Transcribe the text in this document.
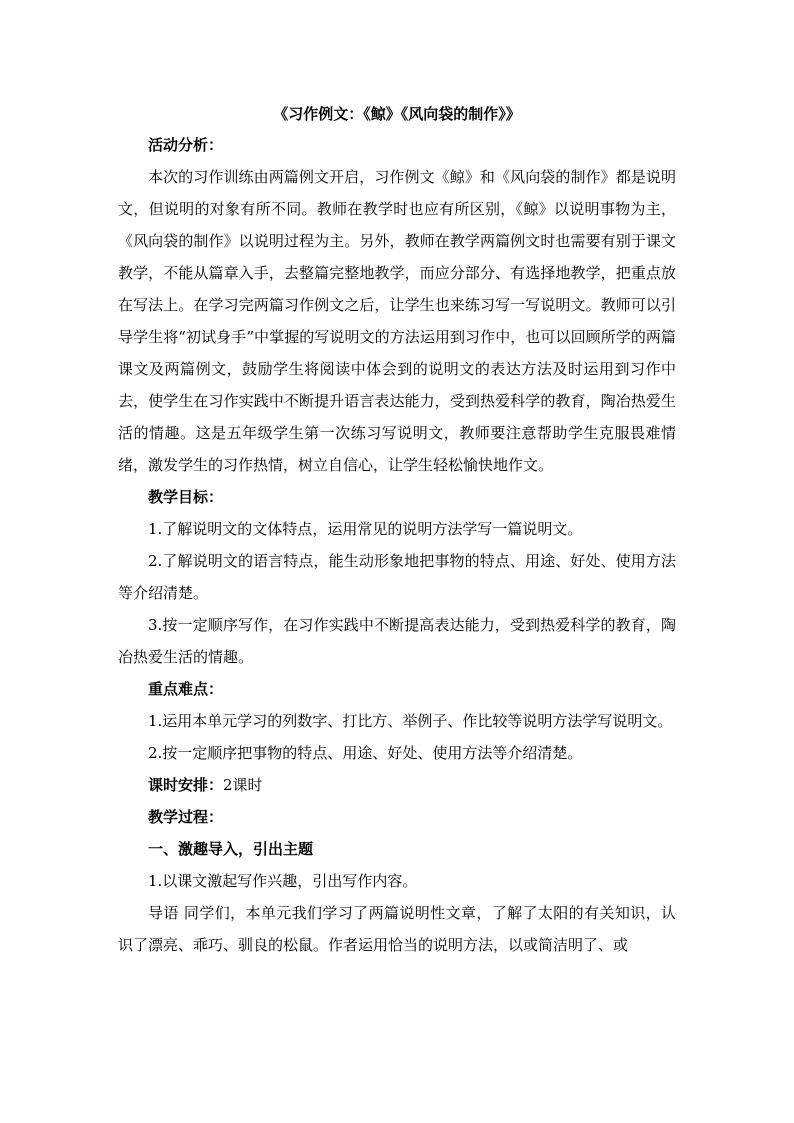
《习作例文：《鲸》《风向袋的制作》》

活动分析：

本次的习作训练由两篇例文开启，习作例文《鲸》和《风向袋的制作》都是说明文，但说明的对象有所不同。教师在教学时也应有所区别，《鲸》以说明事物为主，《风向袋的制作》以说明过程为主。另外，教师在教学两篇例文时也需要有别于课文教学，不能从篇章入手，去整篇完整地教学，而应分部分、有选择地教学，把重点放在写法上。在学习完两篇习作例文之后，让学生也来练习写一写说明文。教师可以引导学生将“初试身手”中掌握的写说明文的方法运用到习作中，也可以回顾所学的两篇课文及两篇例文，鼓励学生将阅读中体会到的说明文的表达方法及时运用到习作中去，使学生在习作实践中不断提升语言表达能力，受到热爱科学的教育，陶冶热爱生活的情趣。这是五年级学生第一次练习写说明文，教师要注意帮助学生克服畏难情绪，激发学生的习作热情，树立自信心，让学生轻松愉快地作文。

教学目标：

1.了解说明文的文体特点，运用常见的说明方法学写一篇说明文。

2.了解说明文的语言特点，能生动形象地把事物的特点、用途、好处、使用方法等介绍清楚。

3.按一定顺序写作，在习作实践中不断提高表达能力，受到热爱科学的教育，陶冶热爱生活的情趣。

重点难点：

1.运用本单元学习的列数字、打比方、举例子、作比较等说明方法学写说明文。

2.按一定顺序把事物的特点、用途、好处、使用方法等介绍清楚。

课时安排：2课时

教学过程：

一、激趣导入，引出主题

1.以课文激起写作兴趣，引出写作内容。

导语 同学们，本单元我们学习了两篇说明性文章，了解了太阳的有关知识，认识了漂亮、乖巧、驯良的松鼠。作者运用恰当的说明方法，以或简洁明了、或
